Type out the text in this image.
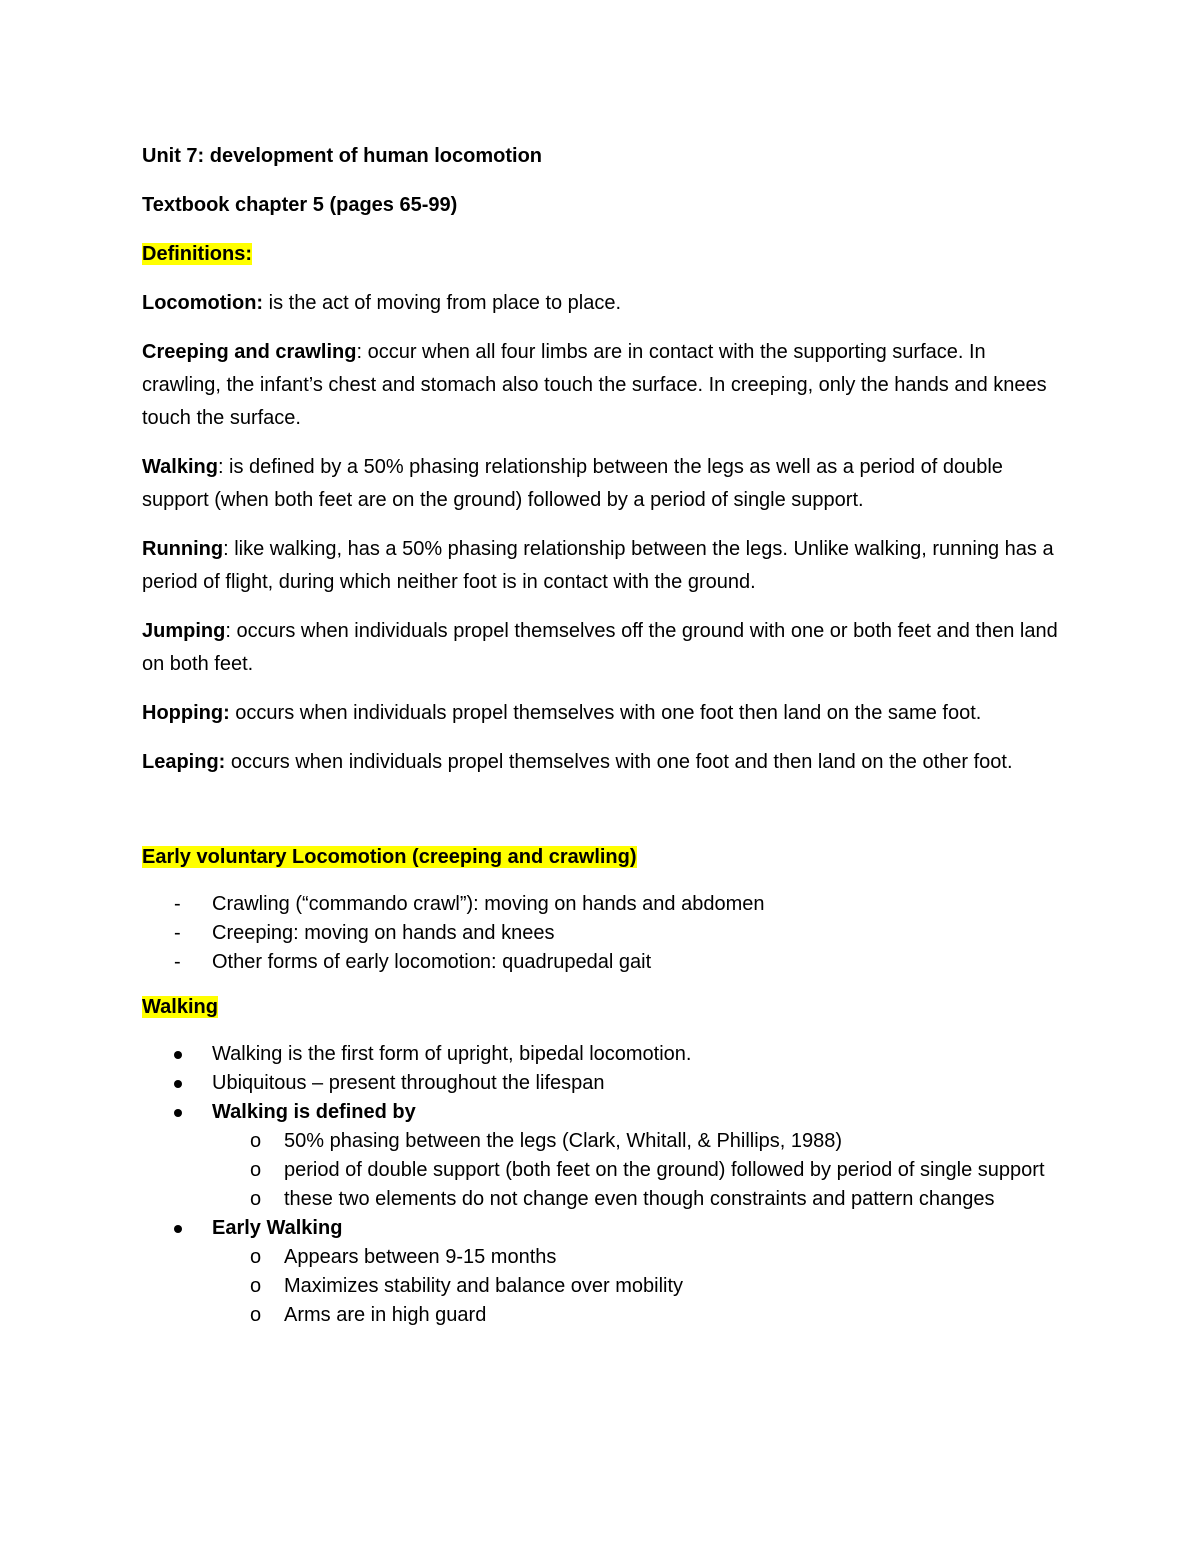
Unit 7: development of human locomotion
Textbook chapter 5 (pages 65-99)
Definitions:
Locomotion: is the act of moving from place to place.
Creeping and crawling: occur when all four limbs are in contact with the supporting surface. In crawling, the infant’s chest and stomach also touch the surface. In creeping, only the hands and knees touch the surface.
Walking: is defined by a 50% phasing relationship between the legs as well as a period of double support (when both feet are on the ground) followed by a period of single support.
Running: like walking, has a 50% phasing relationship between the legs. Unlike walking, running has a period of flight, during which neither foot is in contact with the ground.
Jumping: occurs when individuals propel themselves off the ground with one or both feet and then land on both feet.
Hopping: occurs when individuals propel themselves with one foot then land on the same foot.
Leaping: occurs when individuals propel themselves with one foot and then land on the other foot.
Early voluntary Locomotion (creeping and crawling)
- Crawling (“commando crawl”): moving on hands and abdomen
- Creeping: moving on hands and knees
- Other forms of early locomotion: quadrupedal gait
Walking
Walking is the first form of upright, bipedal locomotion.
Ubiquitous – present throughout the lifespan
Walking is defined by
o 50% phasing between the legs (Clark, Whitall, & Phillips, 1988)
o period of double support (both feet on the ground) followed by period of single support
o these two elements do not change even though constraints and pattern changes
Early Walking
o Appears between 9-15 months
o Maximizes stability and balance over mobility
o Arms are in high guard
